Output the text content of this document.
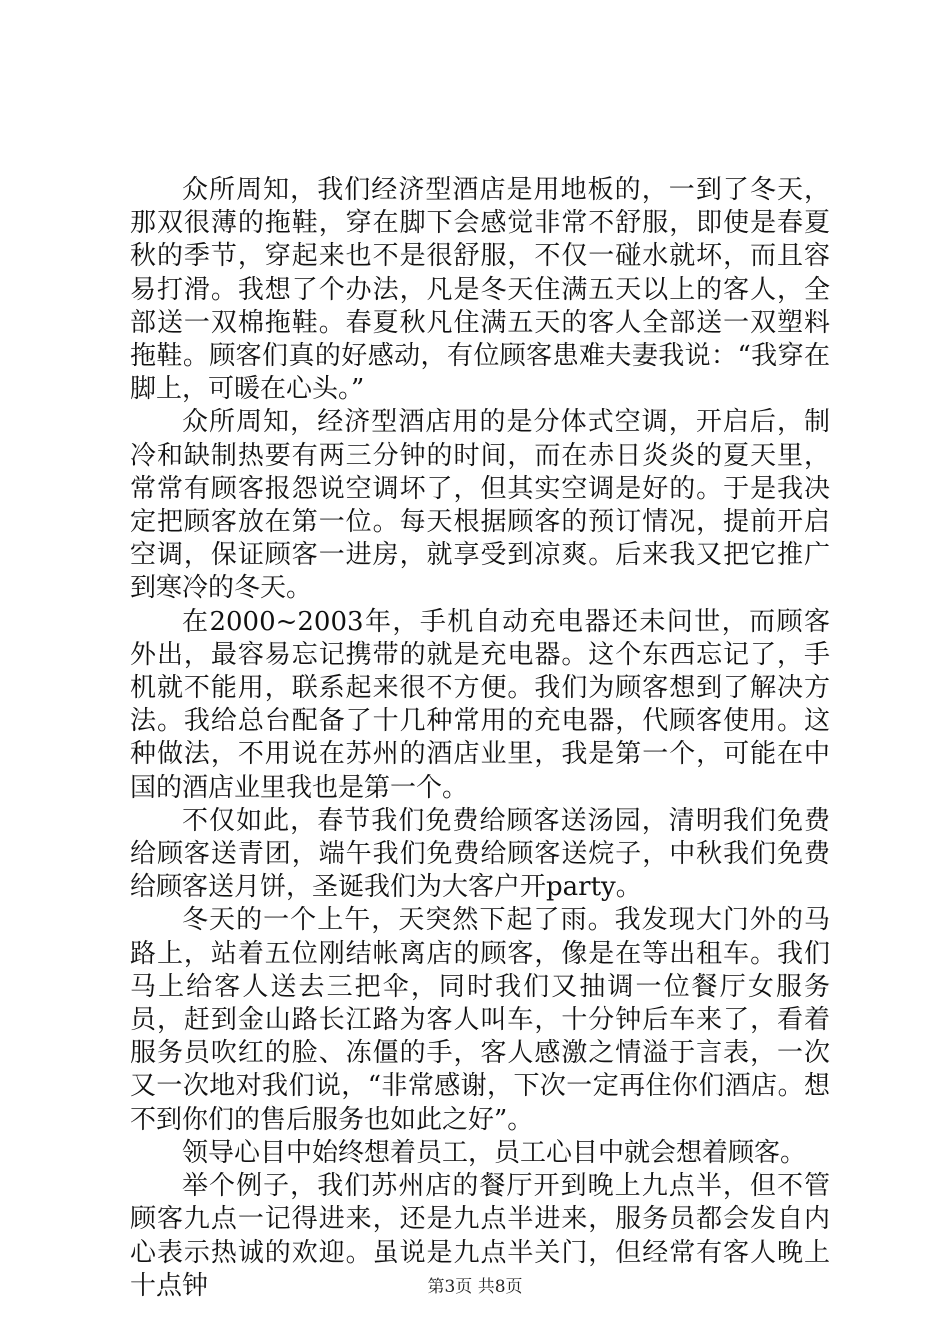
众所周知，我们经济型酒店是用地板的，一到了冬天，那双很薄的拖鞋，穿在脚下会感觉非常不舒服，即使是春夏秋的季节，穿起来也不是很舒服，不仅一碰水就坏，而且容易打滑。我想了个办法，凡是冬天住满五天以上的客人，全部送一双棉拖鞋。春夏秋凡住满五天的客人全部送一双塑料拖鞋。顾客们真的好感动，有位顾客患难夫妻我说：“我穿在脚上，可暖在心头。”

众所周知，经济型酒店用的是分体式空调，开启后，制冷和缺制热要有两三分钟的时间，而在赤日炎炎的夏天里，常常有顾客报怨说空调坏了，但其实空调是好的。于是我决定把顾客放在第一位。每天根据顾客的预订情况，提前开启空调，保证顾客一进房，就享受到凉爽。后来我又把它推广到寒冷的冬天。

在2000~2003年，手机自动充电器还未问世，而顾客外出，最容易忘记携带的就是充电器。这个东西忘记了，手机就不能用，联系起来很不方便。我们为顾客想到了解决方法。我给总台配备了十几种常用的充电器，代顾客使用。这种做法，不用说在苏州的酒店业里，我是第一个，可能在中国的酒店业里我也是第一个。

不仅如此，春节我们免费给顾客送汤园，清明我们免费给顾客送青团，端午我们免费给顾客送烷子，中秋我们免费给顾客送月饼，圣诞我们为大客户开party。

冬天的一个上午，天突然下起了雨。我发现大门外的马路上，站着五位刚结帐离店的顾客，像是在等出租车。我们马上给客人送去三把伞，同时我们又抽调一位餐厅女服务员，赶到金山路长江路为客人叫车，十分钟后车来了，看着服务员吹红的脸、冻僵的手，客人感激之情溢于言表，一次又一次地对我们说，“非常感谢，下次一定再住你们酒店。想不到你们的售后服务也如此之好”。

领导心目中始终想着员工，员工心目中就会想着顾客。

举个例子，我们苏州店的餐厅开到晚上九点半，但不管顾客九点一记得进来，还是九点半进来，服务员都会发自内心表示热诚的欢迎。虽说是九点半关门，但经常有客人晚上十点钟	第3页 共8页
